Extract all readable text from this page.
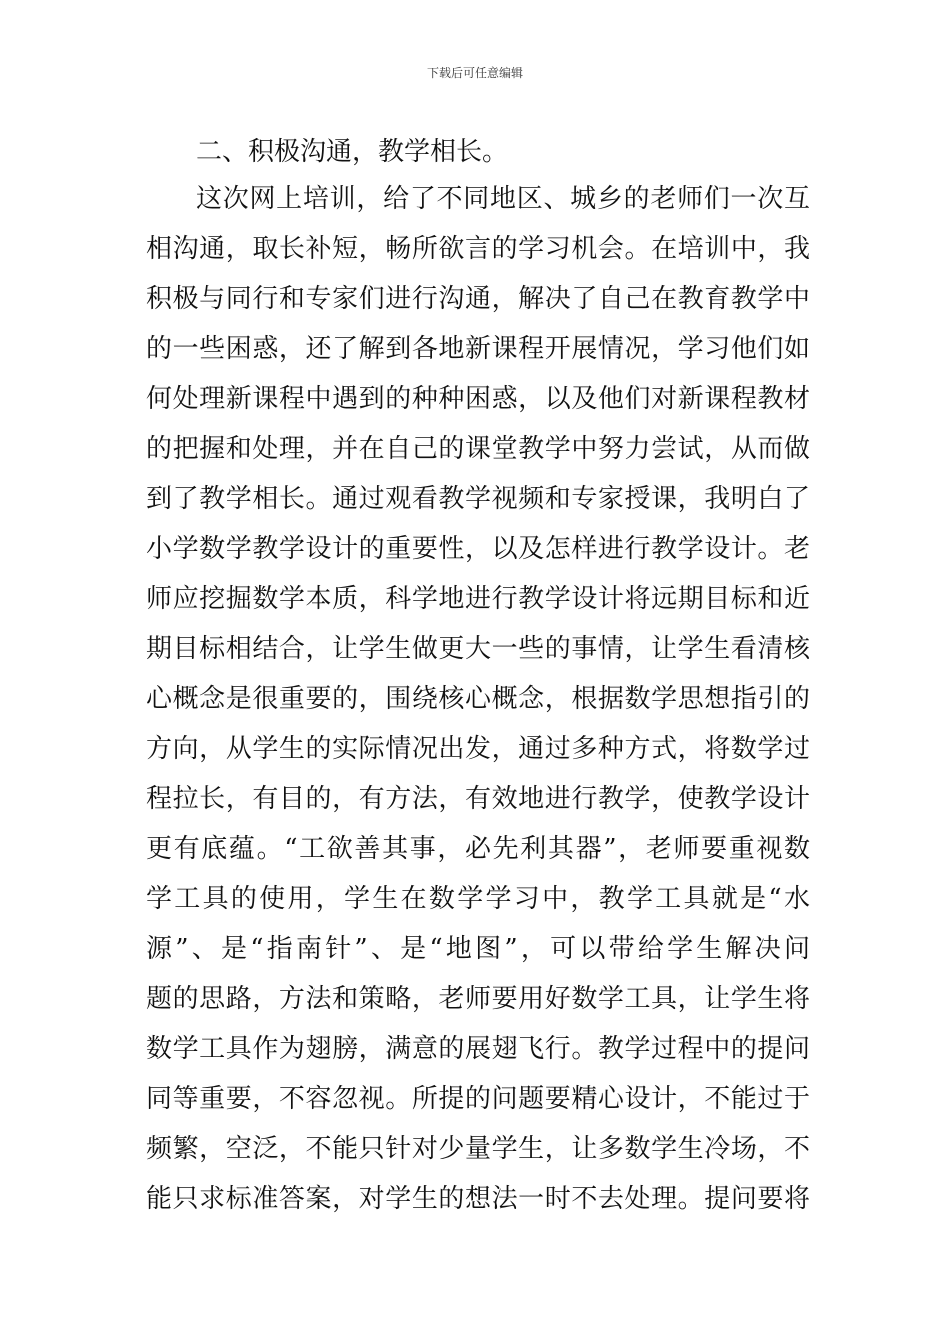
下载后可任意编辑
二、积极沟通，教学相长。
这次网上培训，给了不同地区、城乡的老师们一次互
相沟通，取长补短，畅所欲言的学习机会。在培训中，我
积极与同行和专家们进行沟通，解决了自己在教育教学中
的一些困惑，还了解到各地新课程开展情况，学习他们如
何处理新课程中遇到的种种困惑，以及他们对新课程教材
的把握和处理，并在自己的课堂教学中努力尝试，从而做
到了教学相长。通过观看教学视频和专家授课，我明白了
小学数学教学设计的重要性，以及怎样进行教学设计。老
师应挖掘数学本质，科学地进行教学设计将远期目标和近
期目标相结合，让学生做更大一些的事情，让学生看清核
心概念是很重要的，围绕核心概念，根据数学思想指引的
方向，从学生的实际情况出发，通过多种方式，将数学过
程拉长，有目的，有方法，有效地进行教学，使教学设计
更有底蕴。“工欲善其事，必先利其器”，老师要重视数
学工具的使用，学生在数学学习中，教学工具就是“水
源”、是“指南针”、是“地图”，可以带给学生解决问
题的思路，方法和策略，老师要用好数学工具，让学生将
数学工具作为翅膀，满意的展翅飞行。教学过程中的提问
同等重要，不容忽视。所提的问题要精心设计，不能过于
频繁，空泛，不能只针对少量学生，让多数学生冷场，不
能只求标准答案，对学生的想法一时不去处理。提问要将
